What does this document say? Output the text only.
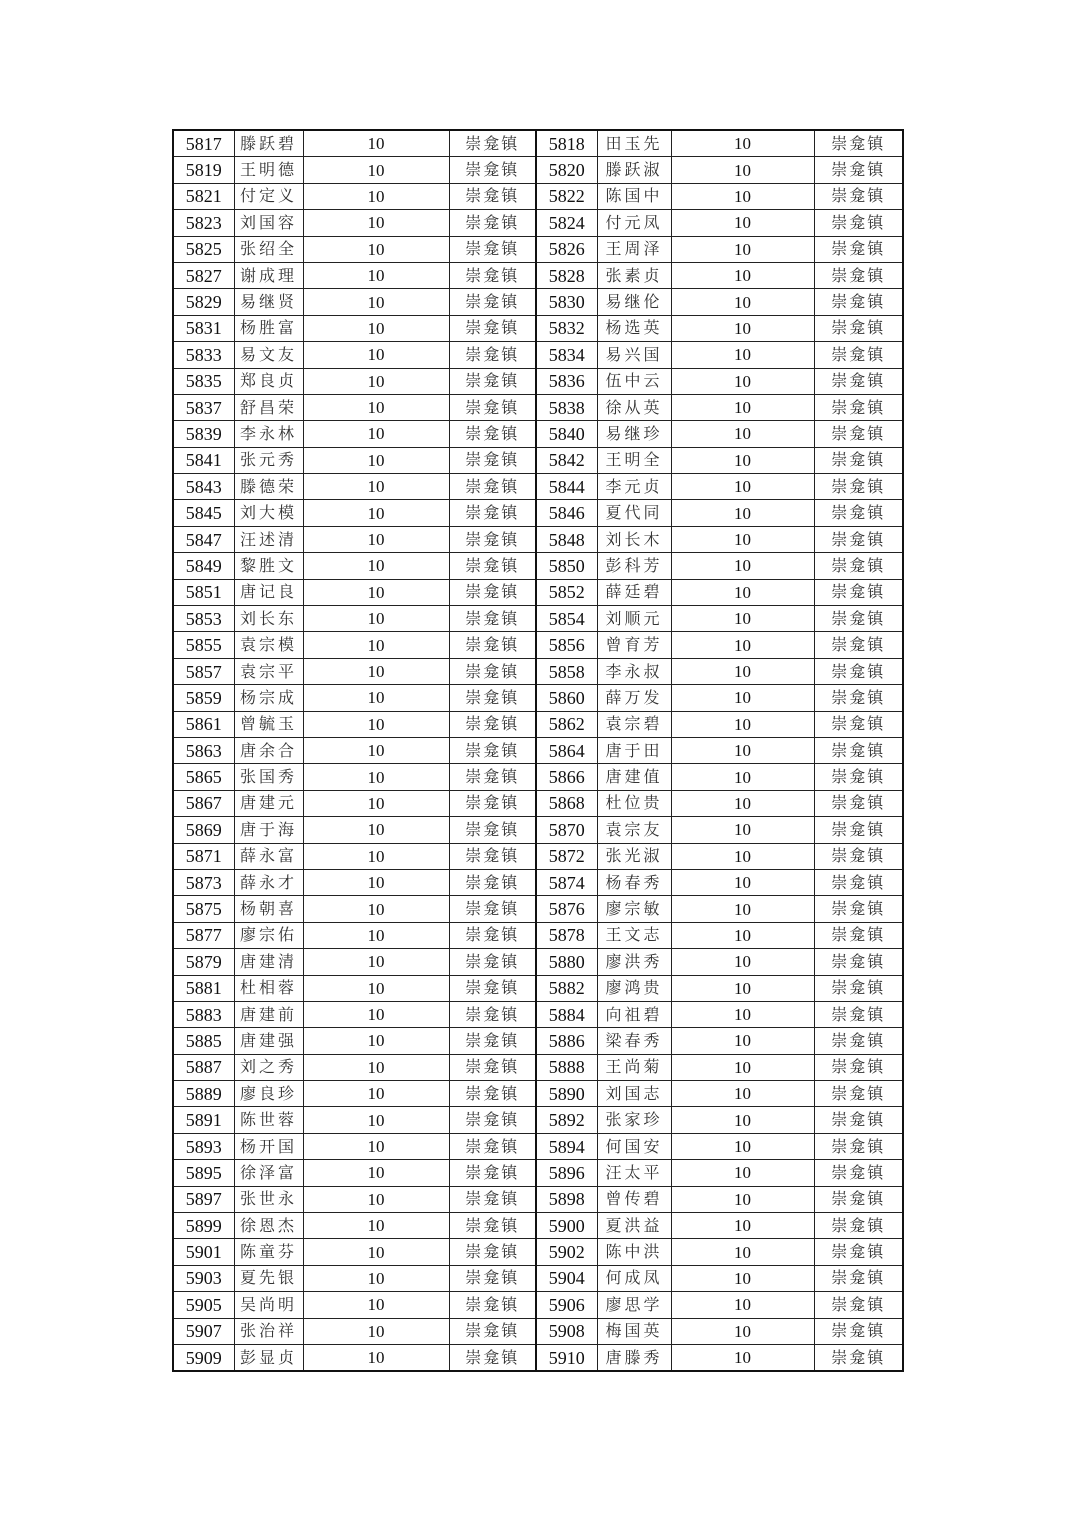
5817	滕跃碧	10	崇龛镇	5818	田玉先	10	崇龛镇
5819	王明德	10	崇龛镇	5820	滕跃淑	10	崇龛镇
5821	付定义	10	崇龛镇	5822	陈国中	10	崇龛镇
5823	刘国容	10	崇龛镇	5824	付元凤	10	崇龛镇
5825	张绍全	10	崇龛镇	5826	王周泽	10	崇龛镇
5827	谢成理	10	崇龛镇	5828	张素贞	10	崇龛镇
5829	易继贤	10	崇龛镇	5830	易继伦	10	崇龛镇
5831	杨胜富	10	崇龛镇	5832	杨选英	10	崇龛镇
5833	易文友	10	崇龛镇	5834	易兴国	10	崇龛镇
5835	郑良贞	10	崇龛镇	5836	伍中云	10	崇龛镇
5837	舒昌荣	10	崇龛镇	5838	徐从英	10	崇龛镇
5839	李永林	10	崇龛镇	5840	易继珍	10	崇龛镇
5841	张元秀	10	崇龛镇	5842	王明全	10	崇龛镇
5843	滕德荣	10	崇龛镇	5844	李元贞	10	崇龛镇
5845	刘大模	10	崇龛镇	5846	夏代同	10	崇龛镇
5847	汪述清	10	崇龛镇	5848	刘长木	10	崇龛镇
5849	黎胜文	10	崇龛镇	5850	彭科芳	10	崇龛镇
5851	唐记良	10	崇龛镇	5852	薛廷碧	10	崇龛镇
5853	刘长东	10	崇龛镇	5854	刘顺元	10	崇龛镇
5855	袁宗模	10	崇龛镇	5856	曾育芳	10	崇龛镇
5857	袁宗平	10	崇龛镇	5858	李永叔	10	崇龛镇
5859	杨宗成	10	崇龛镇	5860	薛万发	10	崇龛镇
5861	曾毓玉	10	崇龛镇	5862	袁宗碧	10	崇龛镇
5863	唐余合	10	崇龛镇	5864	唐于田	10	崇龛镇
5865	张国秀	10	崇龛镇	5866	唐建值	10	崇龛镇
5867	唐建元	10	崇龛镇	5868	杜位贵	10	崇龛镇
5869	唐于海	10	崇龛镇	5870	袁宗友	10	崇龛镇
5871	薛永富	10	崇龛镇	5872	张光淑	10	崇龛镇
5873	薛永才	10	崇龛镇	5874	杨春秀	10	崇龛镇
5875	杨朝喜	10	崇龛镇	5876	廖宗敏	10	崇龛镇
5877	廖宗佑	10	崇龛镇	5878	王文志	10	崇龛镇
5879	唐建清	10	崇龛镇	5880	廖洪秀	10	崇龛镇
5881	杜相蓉	10	崇龛镇	5882	廖鸿贵	10	崇龛镇
5883	唐建前	10	崇龛镇	5884	向祖碧	10	崇龛镇
5885	唐建强	10	崇龛镇	5886	梁春秀	10	崇龛镇
5887	刘之秀	10	崇龛镇	5888	王尚菊	10	崇龛镇
5889	廖良珍	10	崇龛镇	5890	刘国志	10	崇龛镇
5891	陈世蓉	10	崇龛镇	5892	张家珍	10	崇龛镇
5893	杨开国	10	崇龛镇	5894	何国安	10	崇龛镇
5895	徐泽富	10	崇龛镇	5896	汪太平	10	崇龛镇
5897	张世永	10	崇龛镇	5898	曾传碧	10	崇龛镇
5899	徐恩杰	10	崇龛镇	5900	夏洪益	10	崇龛镇
5901	陈童芬	10	崇龛镇	5902	陈中洪	10	崇龛镇
5903	夏先银	10	崇龛镇	5904	何成凤	10	崇龛镇
5905	吴尚明	10	崇龛镇	5906	廖思学	10	崇龛镇
5907	张治祥	10	崇龛镇	5908	梅国英	10	崇龛镇
5909	彭显贞	10	崇龛镇	5910	唐滕秀	10	崇龛镇
